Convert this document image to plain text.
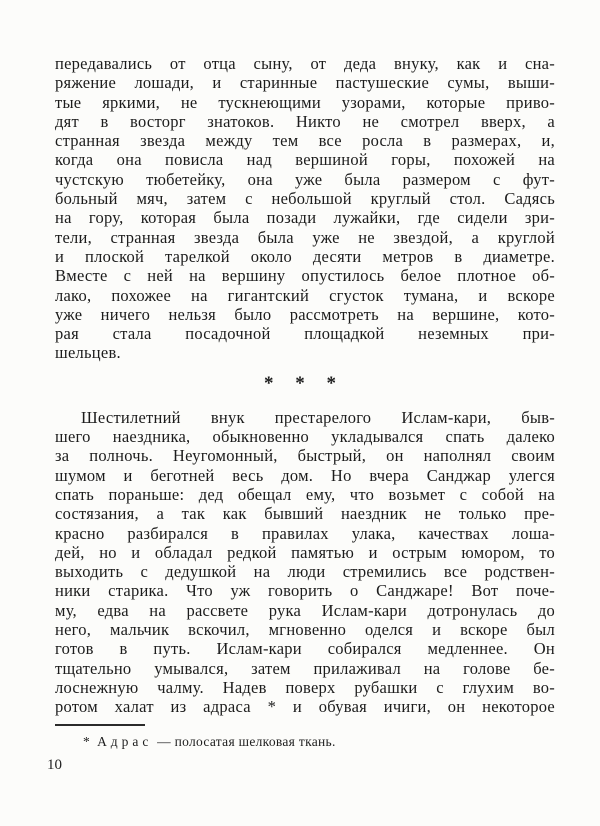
передавались от отца сыну, от деда внуку, как и сна-
ряжение лошади, и старинные пастушеские сумы, выши-
тые яркими, не тускнеющими узорами, которые приво-
дят в восторг знатоков. Никто не смотрел вверх, а
странная звезда между тем все росла в размерах, и,
когда она повисла над вершиной горы, похожей на
чустскую тюбетейку, она уже была размером с фут-
больный мяч, затем с небольшой круглый стол. Садясь
на гору, которая была позади лужайки, где сидели зри-
тели, странная звезда была уже не звездой, а круглой
и плоской тарелкой около десяти метров в диаметре.
Вместе с ней на вершину опустилось белое плотное об-
лако, похожее на гигантский сгусток тумана, и вскоре
уже ничего нельзя было рассмотреть на вершине, кото-
рая стала посадочной площадкой неземных при-
шельцев.
* * *
Шестилетний внук престарелого Ислам-кари, быв-
шего наездника, обыкновенно укладывался спать далеко
за полночь. Неугомонный, быстрый, он наполнял своим
шумом и беготней весь дом. Но вчера Санджар улегся
спать пораньше: дед обещал ему, что возьмет с собой на
состязания, а так как бывший наездник не только пре-
красно разбирался в правилах улака, качествах лоша-
дей, но и обладал редкой памятью и острым юмором, то
выходить с дедушкой на люди стремились все родствен-
ники старика. Что уж говорить о Санджаре! Вот поче-
му, едва на рассвете рука Ислам-кари дотронулась до
него, мальчик вскочил, мгновенно оделся и вскоре был
готов в путь. Ислам-кари собирался медленнее. Он
тщательно умывался, затем прилаживал на голове бе-
лоснежную чалму. Надев поверх рубашки с глухим во-
ротом халат из адраса * и обувая ичиги, он некоторое
* Адрас — полосатая шелковая ткань.
10
